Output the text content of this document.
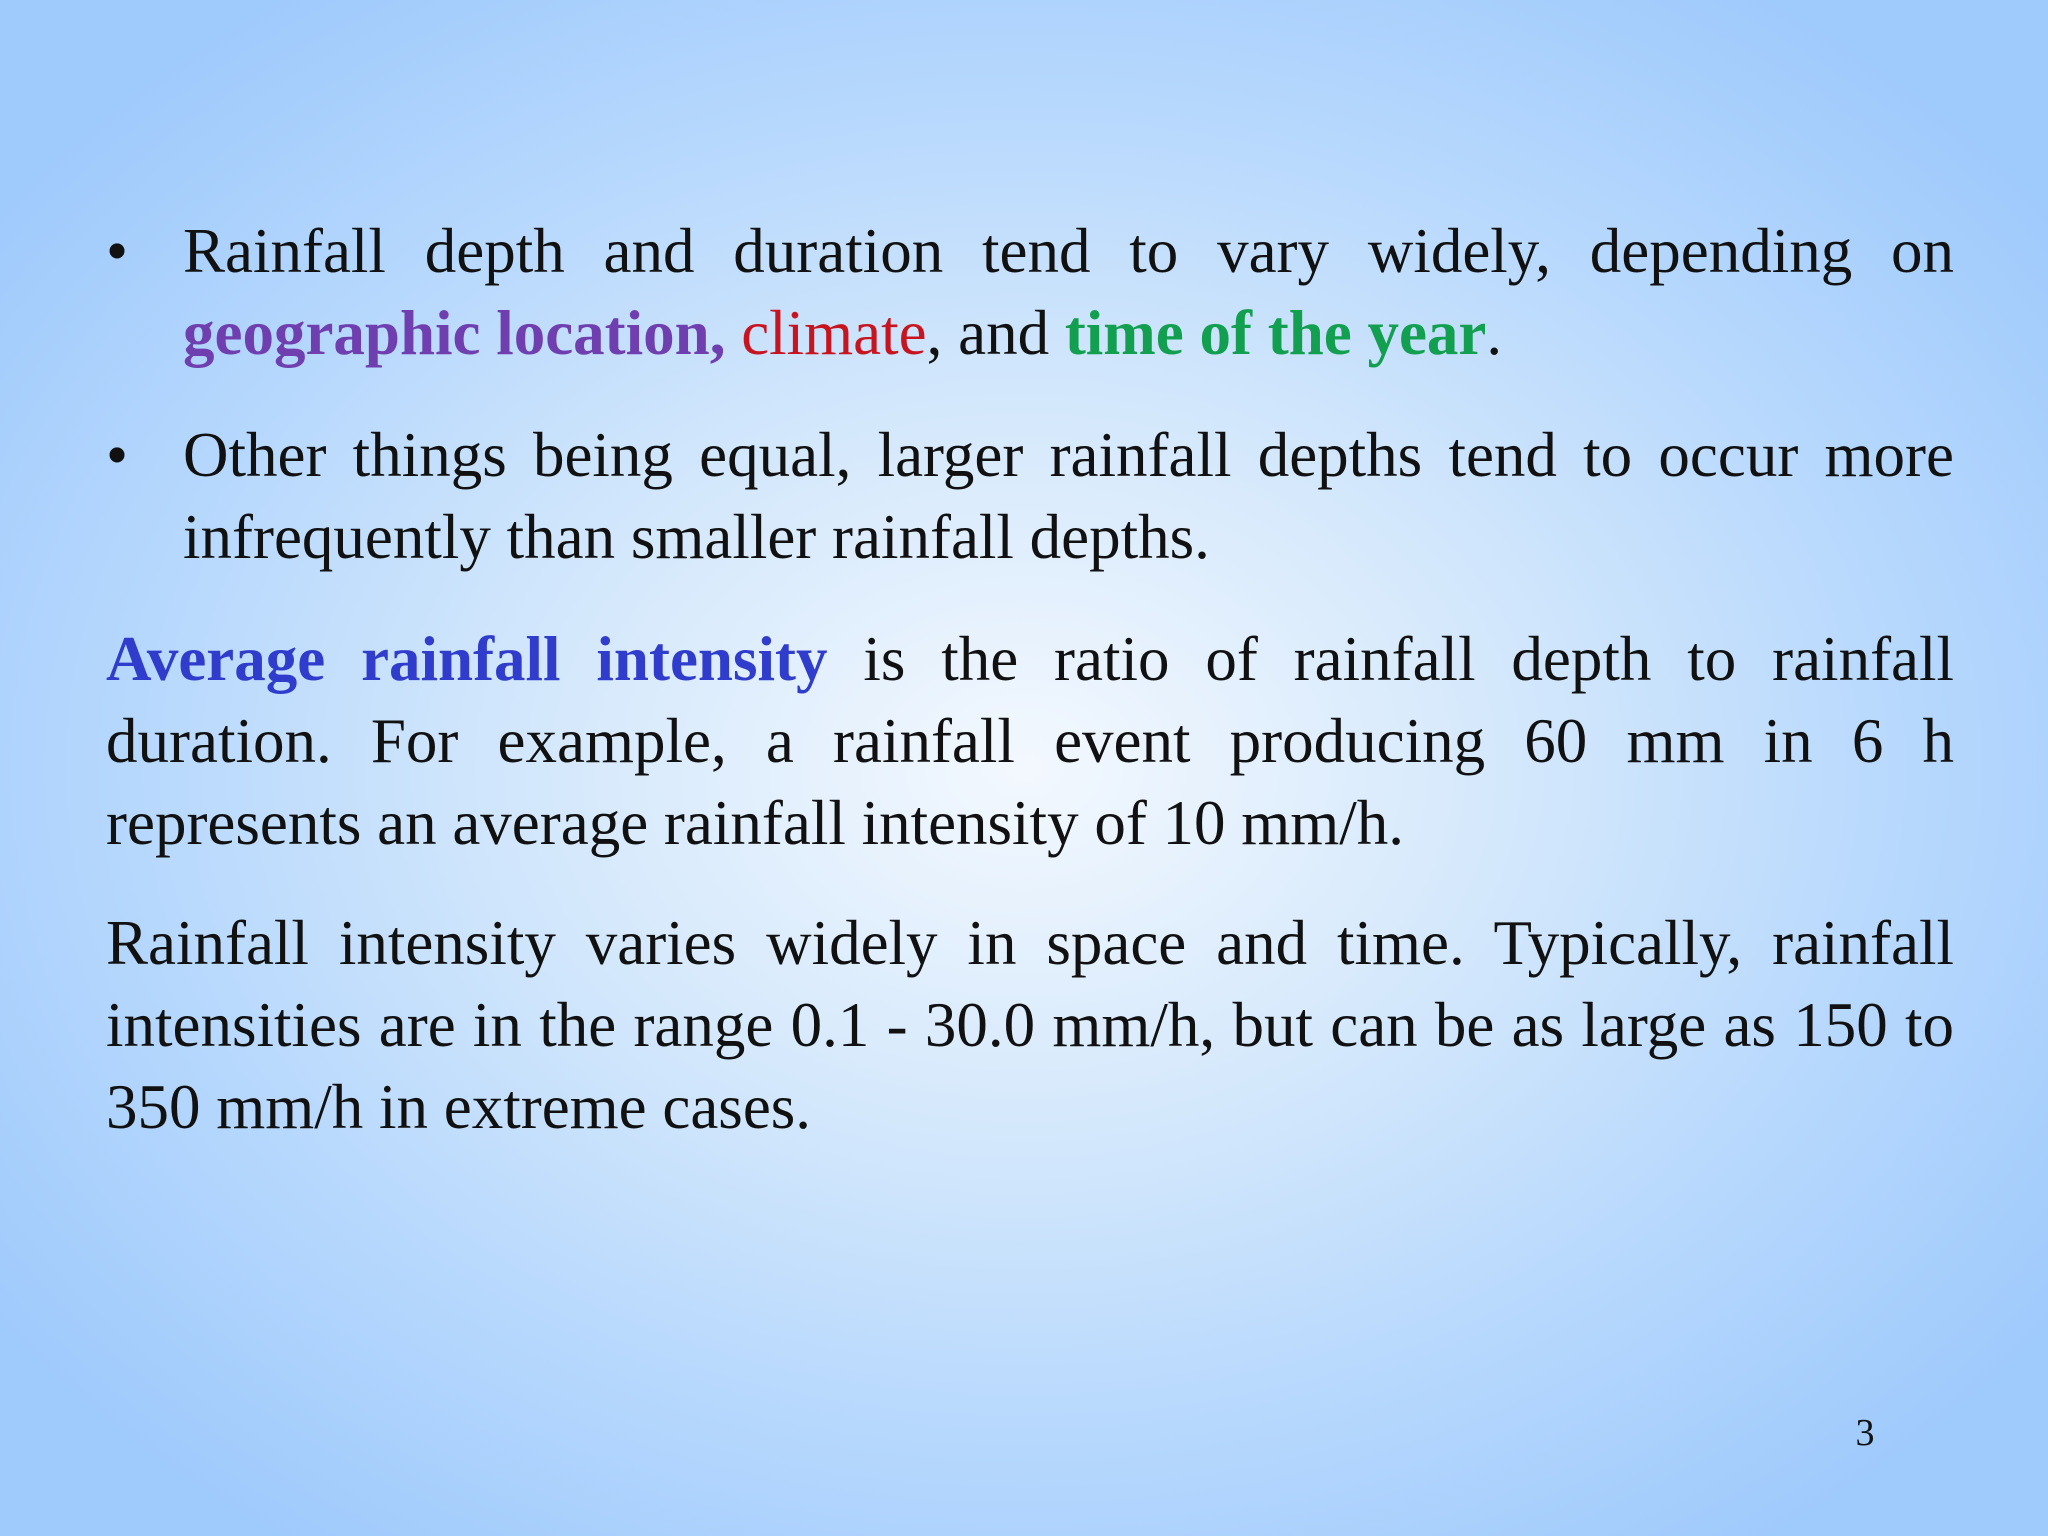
• Rainfall depth and duration tend to vary widely, depending on geographic location, climate, and time of the year.
• Other things being equal, larger rainfall depths tend to occur more infrequently than smaller rainfall depths.

Average rainfall intensity is the ratio of rainfall depth to rainfall duration. For example, a rainfall event producing 60 mm in 6 h represents an average rainfall intensity of 10 mm/h.

Rainfall intensity varies widely in space and time. Typically, rainfall intensities are in the range 0.1 - 30.0 mm/h, but can be as large as 150 to 350 mm/h in extreme cases.

3
